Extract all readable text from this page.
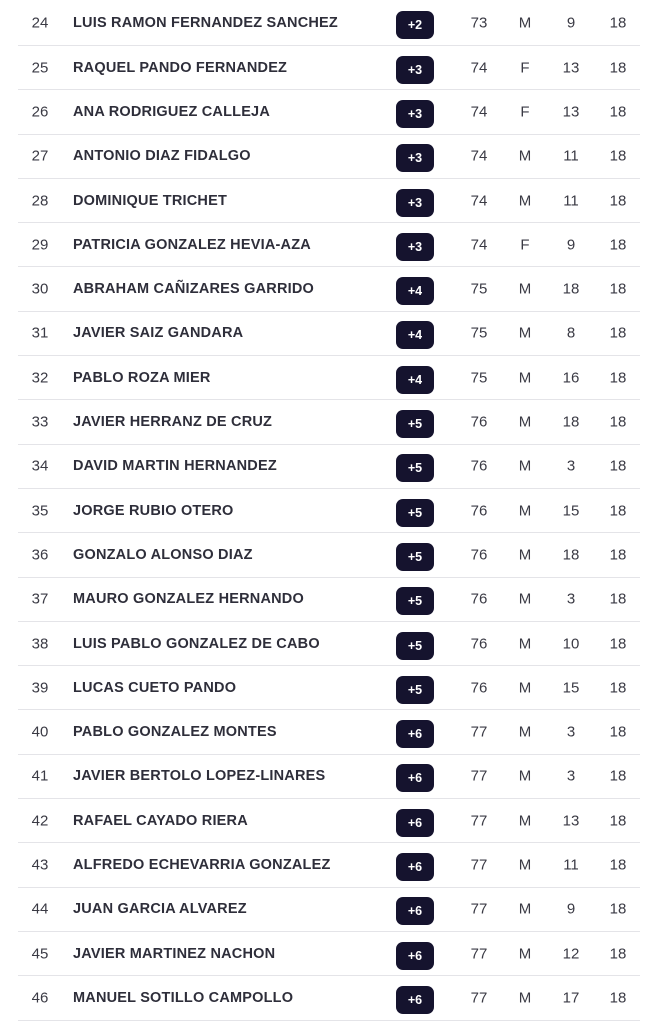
24	LUIS RAMON FERNANDEZ SANCHEZ	+2	73	M	9	18
25	RAQUEL PANDO FERNANDEZ	+3	74	F	13	18
26	ANA RODRIGUEZ CALLEJA	+3	74	F	13	18
27	ANTONIO DIAZ FIDALGO	+3	74	M	11	18
28	DOMINIQUE TRICHET	+3	74	M	11	18
29	PATRICIA GONZALEZ HEVIA-AZA	+3	74	F	9	18
30	ABRAHAM CAÑIZARES GARRIDO	+4	75	M	18	18
31	JAVIER SAIZ GANDARA	+4	75	M	8	18
32	PABLO ROZA MIER	+4	75	M	16	18
33	JAVIER HERRANZ DE CRUZ	+5	76	M	18	18
34	DAVID MARTIN HERNANDEZ	+5	76	M	3	18
35	JORGE RUBIO OTERO	+5	76	M	15	18
36	GONZALO ALONSO DIAZ	+5	76	M	18	18
37	MAURO GONZALEZ HERNANDO	+5	76	M	3	18
38	LUIS PABLO GONZALEZ DE CABO	+5	76	M	10	18
39	LUCAS CUETO PANDO	+5	76	M	15	18
40	PABLO GONZALEZ MONTES	+6	77	M	3	18
41	JAVIER BERTOLO LOPEZ-LINARES	+6	77	M	3	18
42	RAFAEL CAYADO RIERA	+6	77	M	13	18
43	ALFREDO ECHEVARRIA GONZALEZ	+6	77	M	11	18
44	JUAN GARCIA ALVAREZ	+6	77	M	9	18
45	JAVIER MARTINEZ NACHON	+6	77	M	12	18
46	MANUEL SOTILLO CAMPOLLO	+6	77	M	17	18
